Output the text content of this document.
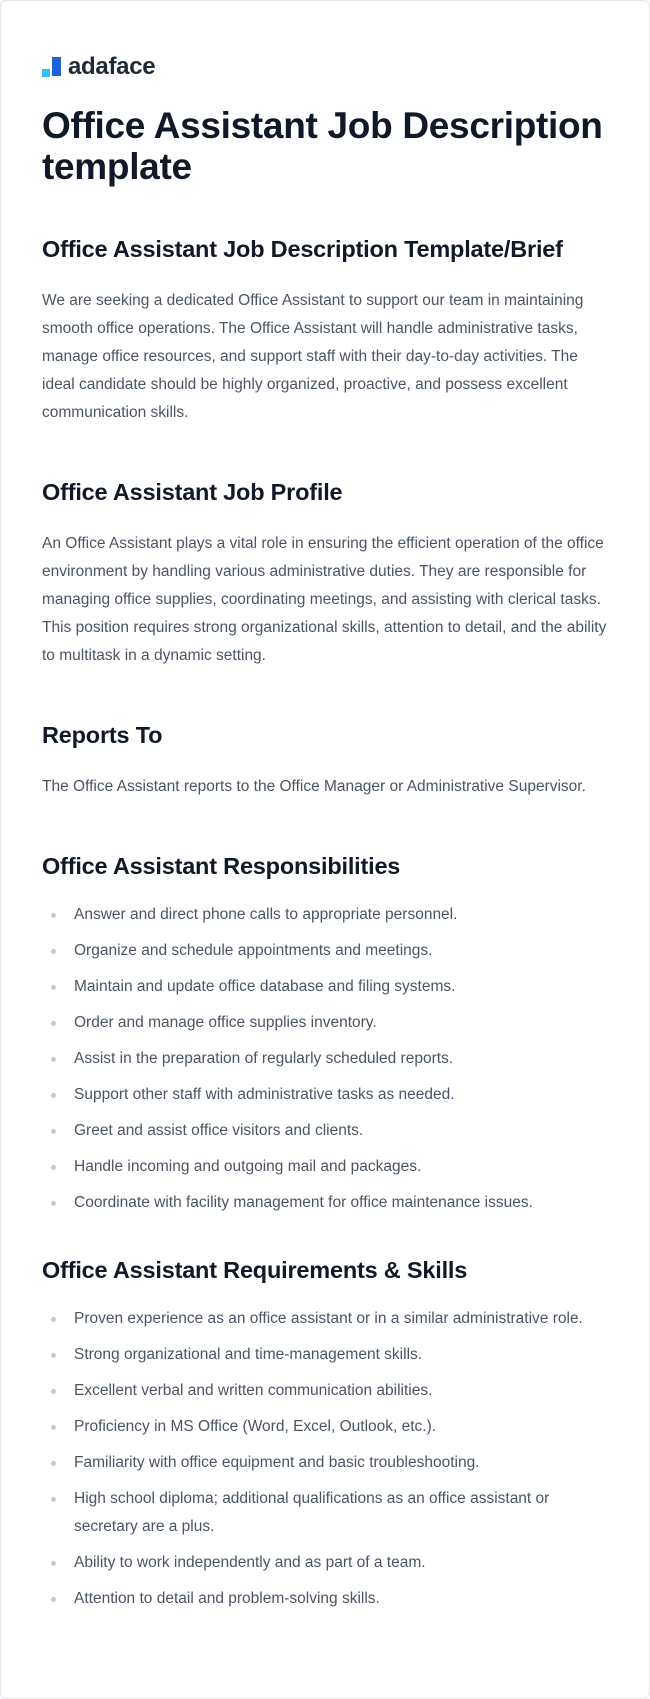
adaface
Office Assistant Job Description template
Office Assistant Job Description Template/Brief

We are seeking a dedicated Office Assistant to support our team in maintaining smooth office operations. The Office Assistant will handle administrative tasks, manage office resources, and support staff with their day-to-day activities. The ideal candidate should be highly organized, proactive, and possess excellent communication skills.

Office Assistant Job Profile

An Office Assistant plays a vital role in ensuring the efficient operation of the office environment by handling various administrative duties. They are responsible for managing office supplies, coordinating meetings, and assisting with clerical tasks. This position requires strong organizational skills, attention to detail, and the ability to multitask in a dynamic setting.

Reports To

The Office Assistant reports to the Office Manager or Administrative Supervisor.

Office Assistant Responsibilities
Answer and direct phone calls to appropriate personnel.
Organize and schedule appointments and meetings.
Maintain and update office database and filing systems.
Order and manage office supplies inventory.
Assist in the preparation of regularly scheduled reports.
Support other staff with administrative tasks as needed.
Greet and assist office visitors and clients.
Handle incoming and outgoing mail and packages.
Coordinate with facility management for office maintenance issues.
Office Assistant Requirements & Skills
Proven experience as an office assistant or in a similar administrative role.
Strong organizational and time-management skills.
Excellent verbal and written communication abilities.
Proficiency in MS Office (Word, Excel, Outlook, etc.).
Familiarity with office equipment and basic troubleshooting.
High school diploma; additional qualifications as an office assistant or secretary are a plus.
Ability to work independently and as part of a team.
Attention to detail and problem-solving skills.
